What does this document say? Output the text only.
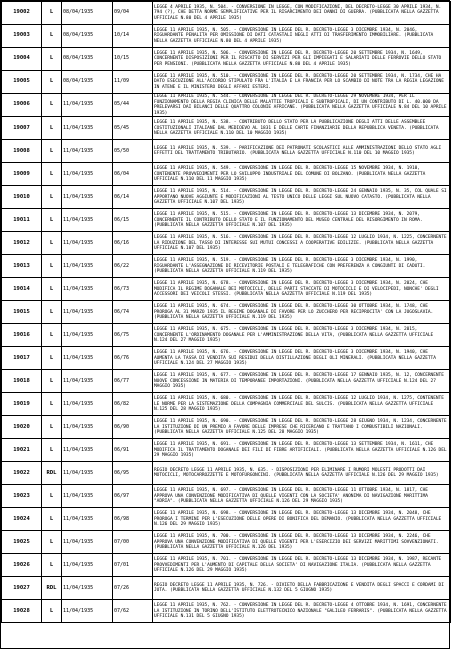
19002	L	08/04/1935	09/04	LEGGE 4 APRILE 1935, N. 504. - CONVERSIONE IN LEGGE, CON MODIFICAZIONI, DEL DECRETO-LEGGE 30 APRILE 1934, N. 794 (?), CHE DETTA NORME SEMPLIFICATIVE PER IL RISARCIMENTO DEI DANNI DI GUERRA. (PUBBLICATA NELLA GAZZETTA UFFICIALE N.80 DEL 4 APRILE 1935)
19003	L	08/04/1935	10/14	LEGGE 11 APRILE 1935, N. 505. - CONVERSIONE IN LEGGE DEL R. DECRETO-LEGGE 3 DICEMBRE 1934, N. 2046, RIGUARDANTE PENALITA PER OMISSIONE DI DATI CATASTALI NEGLI ATTI DI TRASFERIMENTO IMMOBILIARE. (PUBBLICATA NELLA GAZZETTA UFFICIALE N.80 DEL 4 APRILE 1935)
19004	L	08/04/1935	10/15	LEGGE 11 APRILE 1935, N. 506. - CONVERSIONE IN LEGGE DEL R. DECRETO-LEGGE 20 SETTEMBRE 1934, N. 1649, CONCERNENTE DISPOSIZIONI PER IL RISCATTO DI SERVIZI PER GLI IMPIEGATI E SALARIATI DELLE FERROVIE DELLO STATO PER PENSIONI. (PUBBLICATA NELLA GAZZETTA UFFICIALE N.80 DEL 4 APRILE 1935)
19005	L	08/04/1935	11/09	LEGGE 11 APRILE 1935, N. 510. - CONVERSIONE IN LEGGE DEL R. DECRETO-LEGGE 20 SETTEMBRE 1934, N. 1734, CHE HA DATO ESECUZIONE ALL'ACCORDO STIPULATO FRA L'ITALIA E LA FRANCIA PER LO SCAMBIO DI NOTE TRA LA REGIA LEGAZIONE IN ATENE E IL MINISTERO DEGLI AFFARI ESTERI.
19006	L	11/04/1935	05/44	LEGGE 11 APRILE 1935, N. 544. - CONVERSIONE IN LEGGE DEL R. DECRETO-LEGGE 29 NOVEMBRE 1934, PER IL FUNZIONAMENTO DELLA REGIA CLINICA DELLE MALATTIE TROPICALI E SUBTROPICALI, DI UN CONTRIBUTO DI L. 40.000 DA PRELEVARSI DAI BILANCI DELLE QUATTRO COLONIE AFRICANE. (PUBBLICATA NELLA GAZZETTA UFFICIALE N.84 DEL 10 APRILE 1935)
19007	L	11/04/1935	05/45	LEGGE 11 APRILE 1935, N. 538. - CONTRIBUTO DELLO STATO PER LA PUBBLICAZIONE DEGLI ATTI DELLE ASSEMBLEE COSTITUZIONALI ITALIANE DAL MEDIOEVO AL 1831 E DELLE CARTE FINANZIARIE DELLA REPUBBLICA VENETA. (PUBBLICATA NELLA GAZZETTA UFFICIALE N.110 DEL 10 MAGGIO 1935)
19008	L	11/04/1935	05/50	LEGGE 11 APRILE 1935, N. 539. - PARIFICAZIONE DEI PATRONATI SCOLASTICI ALLE AMMINISTRAZIONI DELLO STATO AGLI EFFETTI DEL TRATTAMENTO TRIBUTARIO. (PUBBLICATA NELLA GAZZETTA UFFICIALE N.110 DEL 10 MAGGIO 1935)
19009	L	11/04/1935	06/04	LEGGE 11 APRILE 1935, N. 549. - CONVERSIONE IN LEGGE DEL R. DECRETO-LEGGE 15 NOVEMBRE 1934, N. 1910, CONTENENTE PROVVEDIMENTI PER LO SVILUPPO INDUSTRIALE DEL COMUNE DI BOLZANO. (PUBBLICATA NELLA GAZZETTA UFFICIALE N.110 DEL 11 MAGGIO 1935)
19010	L	11/04/1935	06/14	LEGGE 11 APRILE 1935, N. 514. - CONVERSIONE IN LEGGE DEL R. DECRETO-LEGGE 24 GENNAIO 1935, N. 35, COL QUALE SI APPORTANO NUOVE AGGIUNTE E MODIFICAZIONI AL TESTO UNICO DELLE LEGGI SUL NUOVO CATASTO. (PUBBLICATA NELLA GAZZETTA UFFICIALE N.107 DEL 1935)
19011	L	11/04/1935	06/15	LEGGE 11 APRILE 1935, N. 515. - CONVERSIONE IN LEGGE DEL R. DECRETO-LEGGE 13 DICEMBRE 1934, N. 2079, CONCERNENTE IL CONTRIBUTO DELLO STATO E IL FUNZIONAMENTO DEL MUSEO CENTRALE DEL RISORGIMENTO IN ROMA. (PUBBLICATA NELLA GAZZETTA UFFICIALE N.107 DEL 1935)
19012	L	11/04/1935	06/16	LEGGE 11 APRILE 1935, N. 516. - CONVERSIONE IN LEGGE DEL R. DECRETO-LEGGE 12 LUGLIO 1934, N. 1225, CONCERNENTE LA RIDUZIONE DEL TASSO DI INTERESSE SUI MUTUI CONCESSI A COOPERATIVE EDILIZIE. (PUBBLICATA NELLA GAZZETTA UFFICIALE N.107 DEL 1935)
19013	L	11/04/1935	06/22	LEGGE 11 APRILE 1935, N. 519. - CONVERSIONE IN LEGGE DEL R. DECRETO-LEGGE 3 DICEMBRE 1934, N. 1990, RIGUARDANTE L'ASSEGNAZIONE DI RICEVITORIE POSTALI E TELEGRAFICHE CON PREFERENZA A CONGIUNTI DI CADUTI. (PUBBLICATA NELLA GAZZETTA UFFICIALE N.119 DEL 1935)
19014	L	11/04/1935	06/73	LEGGE 11 APRILE 1935, N. 678. - CONVERSIONE IN LEGGE DEL R. DECRETO-LEGGE 3 DICEMBRE 1934, N. 2024, CHE MODIFICA IL REGIME DOGANALE DEI MOTOCICLI, DELLE PARTI STACCATE DI MOTOCICLI E DI VELOCIPEDI, NONCHE' DEGLI ACCESSORI DEI VEICOLI STESSI. (PUBBLICATA NELLA GAZZETTA UFFICIALE N.119 DEL 1935)
19015	L	11/04/1935	06/74	LEGGE 11 APRILE 1935, N. 674. - CONVERSIONE IN LEGGE DEL R. DECRETO-LEGGE 30 OTTOBRE 1934, N. 1748, CHE PROROGA AL 31 MARZO 1935 IL REGIME DOGANALE DI FAVORE PER LO ZUCCHERO PER RECIPROCITA' CON LA JUGOSLAVIA. (PUBBLICATA NELLA GAZZETTA UFFICIALE N.119 DEL 1935)
19016	L	11/04/1935	06/75	LEGGE 11 APRILE 1935, N. 675. - CONVERSIONE IN LEGGE DEL R. DECRETO-LEGGE 3 DICEMBRE 1934, N. 2015, CONCERNENTE L'ORDINAMENTO DOGANALE PER L'AMMINISTRAZIONE DELLA VITA, (PUBBLICATA NELLA GAZZETTA UFFICIALE N.124 DEL 27 MAGGIO 1935)
19017	L	11/04/1935	06/76	LEGGE 11 APRILE 1935, N. 676. - CONVERSIONE IN LEGGE DEL R. DECRETO-LEGGE 3 DICEMBRE 1934, N. 1940, CHE AUMENTA LA TASSA DI VENDITA SUI RESIDUI DELLA DISTILLAZIONE DEGLI OLI MINERALI. (PUBBLICATA NELLA GAZZETTA UFFICIALE N.124 DEL 27 MAGGIO 1935)
19018	L	11/04/1935	06/77	LEGGE 11 APRILE 1935, N. 677. - CONVERSIONE IN LEGGE DEL R. DECRETO-LEGGE 17 GENNAIO 1935, N. 12, CONCERNENTE NUOVE CONCESSIONI IN MATERIA DI TEMPORANEE IMPORTAZIONI. (PUBBLICATA NELLA GAZZETTA UFFICIALE N.124 DEL 27 MAGGIO 1935)
19019	L	11/04/1935	06/82	LEGGE 11 APRILE 1935, N. 680. - CONVERSIONE IN LEGGE DEL R. DECRETO-LEGGE 12 LUGLIO 1934, N. 1275, CONTENENTE LE NORME PER LA SISTEMAZIONE DELLA COMPAGNIA COMMERCIALE DEL SULCIS. (PUBBLICATA NELLA GAZZETTA UFFICIALE N.125 DEL 28 MAGGIO 1935)
19020	L	11/04/1935	06/90	LEGGE 11 APRILE 1935, N. 690. - CONVERSIONE IN LEGGE DEL R. DECRETO-LEGGE 28 GIUGNO 1934, N. 1234, CONCERNENTE LA ISTITUZIONE DI UN PREMIO A FAVORE DELLE IMPRESE CHE RICERCANO E TRATTANO I COMBUSTIBILI NAZIONALI. (PUBBLICATA NELLA GAZZETTA UFFICIALE N.125 DEL 28 MAGGIO 1935)
19021	L	11/04/1935	06/91	LEGGE 11 APRILE 1935, N. 691. - CONVERSIONE IN LEGGE DEL R. DECRETO-LEGGE 13 SETTEMBRE 1934, N. 1611, CHE MODIFICA IL TRATTAMENTO DOGANALE DEI FILI DI FIBRE ARTIFICIALI. (PUBBLICATA NELLA GAZZETTA UFFICIALE N.126 DEL 29 MAGGIO 1935)
19022	RDL	11/04/1935	06/95	REGIO DECRETO LEGGE 11 APRILE 1935, N. 635. - DISPOSIZIONI PER ELIMINARE I RUMORI MOLESTI PRODOTTI DAI MOTOCICLI, MOTOCARROZZETTE E MOTOFURGONCINI. (PUBBLICATA NELLA GAZZETTA UFFICIALE N.126 DEL 29 MAGGIO 1935)
19023	L	11/04/1935	06/97	LEGGE 11 APRILE 1935, N. 697. - CONVERSIONE IN LEGGE DEL R. DECRETO-LEGGE 11 OTTOBRE 1934, N. 1817, CHE APPROVA UNA CONVENZIONE MODIFICATIVA DI QUELLE VIGENTI CON LA SOCIETA' ANONIMA DI NAVIGAZIONE MARITTIMA "ADRIA". (PUBBLICATA NELLA GAZZETTA UFFICIALE N.126 DEL 29 MAGGIO 1935)
19024	L	11/04/1935	06/98	LEGGE 11 APRILE 1935, N. 698. - CONVERSIONE IN LEGGE DEL R. DECRETO-LEGGE 13 DICEMBRE 1934, N. 2048, CHE PROROGA I TERMINI PER L'ESECUZIONE DELLE OPERE DI BONIFICA DEL DEMANIO. (PUBBLICATA NELLA GAZZETTA UFFICIALE N.126 DEL 29 MAGGIO 1935)
19025	L	11/04/1935	07/00	LEGGE 11 APRILE 1935, N. 700. - CONVERSIONE IN LEGGE DEL R. DECRETO-LEGGE 13 DICEMBRE 1934, N. 2246, CHE APPROVA UNA CONVENZIONE MODIFICATIVA DI QUELLE VIGENTI PER L'ESERCIZIO DEI SERVIZI MARITTIMI SOVVENZIONATI. (PUBBLICATA NELLA GAZZETTA UFFICIALE N.126 DEL 1935)
19026	L	11/04/1935	07/01	LEGGE 11 APRILE 1935, N. 701. - CONVERSIONE IN LEGGE DEL R. DECRETO-LEGGE 13 DICEMBRE 1934, N. 1987, RECANTE PROVVEDIMENTI PER L'AUMENTO DI CAPITALE DELLA SOCIETA' DI NAVIGAZIONE ITALIA. (PUBBLICATA NELLA GAZZETTA UFFICIALE N.126 DEL 29 MAGGIO 1935)
19027	RDL	11/04/1935	07/26	REGIO DECRETO LEGGE 11 APRILE 1935, N. 726. - DIVIETO DELLA FABBRICAZIONE E VENDITA DEGLI SPACCI E CORDAMI DI JUTA. (PUBBLICATA NELLA GAZZETTA UFFICIALE N.132 DEL 5 GIUGNO 1935)
19028	L	11/04/1935	07/62	LEGGE 11 APRILE 1935, N. 762. - CONVERSIONE IN LEGGE DEL R. DECRETO-LEGGE 4 OTTOBRE 1934, N. 1691, CONCERNENTE LA ISTITUZIONE IN TORINO DELL'ISTITUTO ELETTROTECNICO NAZIONALE "GALILEO FERRARIS". (PUBBLICATA NELLA GAZZETTA UFFICIALE N.131 DEL 5 GIUGNO 1935)
